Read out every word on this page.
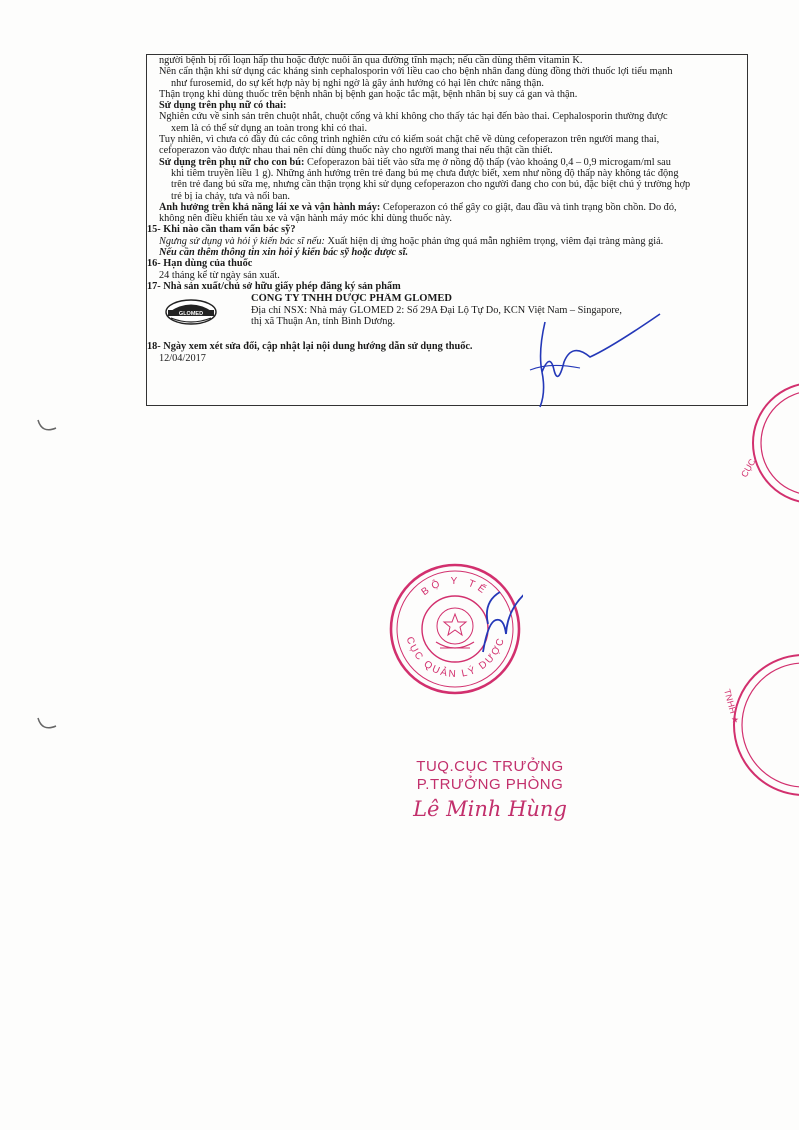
người bệnh bị rối loạn hấp thu hoặc được nuôi ăn qua đường tĩnh mạch; nếu cần dùng thêm vitamin K.
Nên cẩn thận khi sử dụng các kháng sinh cephalosporin với liều cao cho bệnh nhân đang dùng đồng thời thuốc lợi tiểu mạnh
như furosemid, do sự kết hợp này bị nghi ngờ là gây ảnh hưởng có hại lên chức năng thận.
Thận trọng khi dùng thuốc trên bệnh nhân bị bệnh gan hoặc tắc mật, bệnh nhân bị suy cả gan và thận.
Sử dụng trên phụ nữ có thai:
Nghiên cứu về sinh sản trên chuột nhắt, chuột cống và khỉ không cho thấy tác hại đến bào thai. Cephalosporin thường được
xem là có thể sử dụng an toàn trong khi có thai.
Tuy nhiên, vì chưa có đầy đủ các công trình nghiên cứu có kiểm soát chặt chẽ về dùng cefoperazon trên người mang thai,
cefoperazon vào được nhau thai nên chỉ dùng thuốc này cho người mang thai nếu thật cần thiết.
Sử dụng trên phụ nữ cho con bú: Cefoperazon bài tiết vào sữa mẹ ở nồng độ thấp (vào khoảng 0,4 – 0,9 microgam/ml sau
khi tiêm truyền liều 1 g). Những ảnh hưởng trên trẻ đang bú mẹ chưa được biết, xem như nồng độ thấp này không tác động
trên trẻ đang bú sữa mẹ, nhưng cần thận trọng khi sử dụng cefoperazon cho người đang cho con bú, đặc biệt chú ý trường hợp
trẻ bị ỉa chảy, tưa và nổi ban.
Ảnh hưởng trên khả năng lái xe và vận hành máy: Cefoperazon có thể gây co giật, đau đầu và tình trạng bồn chồn. Do đó,
không nên điều khiển tàu xe và vận hành máy móc khi dùng thuốc này.
15- Khi nào cần tham vấn bác sỹ?
Ngưng sử dụng và hỏi ý kiến bác sĩ nếu: Xuất hiện dị ứng hoặc phản ứng quá mẫn nghiêm trọng, viêm đại tràng màng giả.
Nếu cần thêm thông tin xin hỏi ý kiến bác sỹ hoặc dược sĩ.
16- Hạn dùng của thuốc
24 tháng kể từ ngày sản xuất.
17- Nhà sản xuất/chủ sở hữu giấy phép đăng ký sản phẩm
GLOMED
CÔNG TY TNHH DƯỢC PHẨM GLOMED
Địa chỉ NSX: Nhà máy GLOMED 2: Số 29A Đại Lộ Tự Do, KCN Việt Nam – Singapore,
thị xã Thuận An, tỉnh Bình Dương.
18- Ngày xem xét sửa đổi, cập nhật lại nội dung hướng dẫn sử dụng thuốc.
12/04/2017
CỤC
TNHH ★
BỘ Y TẾ
CỤC QUẢN LÝ DƯỢC
TUQ.CỤC TRƯỞNG
P.TRƯỞNG PHÒNG
Lê Minh Hùng
